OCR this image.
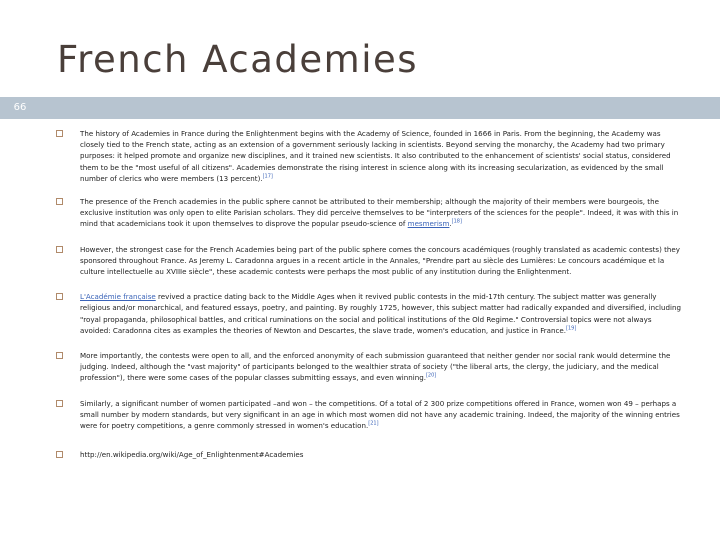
French Academies
66
The history of Academies in France during the Enlightenment begins with the Academy of Science, founded in 1666 in Paris. From the beginning, the Academy was closely tied to the French state, acting as an extension of a government seriously lacking in scientists. Beyond serving the monarchy, the Academy had two primary purposes: it helped promote and organize new disciplines, and it trained new scientists. It also contributed to the enhancement of scientists' social status, considered them to be the "most useful of all citizens". Academies demonstrate the rising interest in science along with its increasing secularization, as evidenced by the small number of clerics who were members (13 percent).[17]
The presence of the French academies in the public sphere cannot be attributed to their membership; although the majority of their members were bourgeois, the exclusive institution was only open to elite Parisian scholars. They did perceive themselves to be "interpreters of the sciences for the people". Indeed, it was with this in mind that academicians took it upon themselves to disprove the popular pseudo-science of mesmerism.[18]
However, the strongest case for the French Academies being part of the public sphere comes the concours académiques (roughly translated as academic contests) they sponsored throughout France. As Jeremy L. Caradonna argues in a recent article in the Annales, "Prendre part au siècle des Lumières: Le concours académique et la culture intellectuelle au XVIIIe siècle", these academic contests were perhaps the most public of any institution during the Enlightenment.
L'Académie française revived a practice dating back to the Middle Ages when it revived public contests in the mid-17th century. The subject matter was generally religious and/or monarchical, and featured essays, poetry, and painting. By roughly 1725, however, this subject matter had radically expanded and diversified, including "royal propaganda, philosophical battles, and critical ruminations on the social and political institutions of the Old Regime." Controversial topics were not always avoided: Caradonna cites as examples the theories of Newton and Descartes, the slave trade, women's education, and justice in France.[19]
More importantly, the contests were open to all, and the enforced anonymity of each submission guaranteed that neither gender nor social rank would determine the judging. Indeed, although the "vast majority" of participants belonged to the wealthier strata of society ("the liberal arts, the clergy, the judiciary, and the medical profession"), there were some cases of the popular classes submitting essays, and even winning.[20]
Similarly, a significant number of women participated –and won – the competitions. Of a total of 2 300 prize competitions offered in France, women won 49 – perhaps a small number by modern standards, but very significant in an age in which most women did not have any academic training. Indeed, the majority of the winning entries were for poetry competitions, a genre commonly stressed in women's education.[21]
http://en.wikipedia.org/wiki/Age_of_Enlightenment#Academies
